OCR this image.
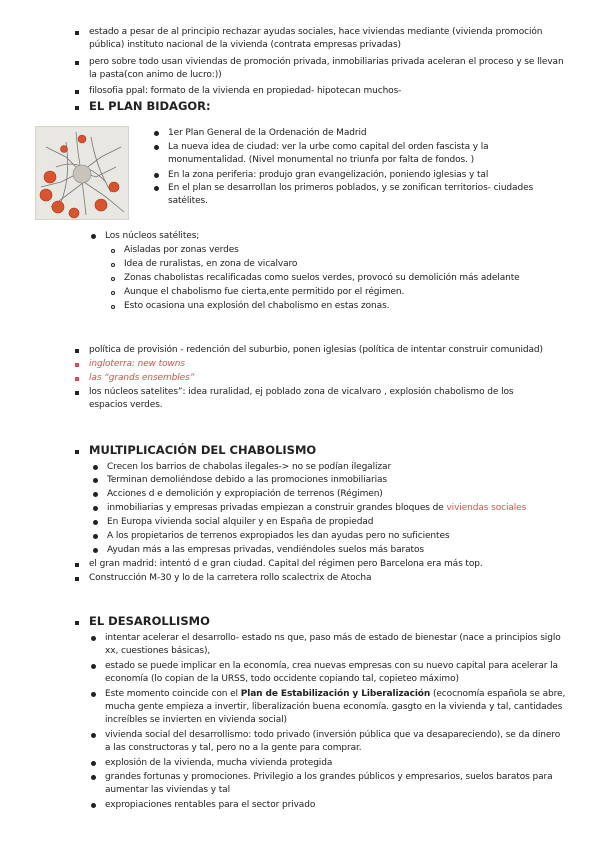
estado a pesar de al principio rechazar ayudas sociales, hace viviendas mediante (vivienda promoción pública) instituto nacional de la vivienda (contrata empresas privadas)
pero sobre todo usan viviendas de promoción privada, inmobiliarias privada aceleran el proceso y se llevan la pasta(con animo de lucro:))
filosofia ppal: formato de la vivienda en propiedad- hipotecan muchos-
EL PLAN BIDAGOR:
1er Plan General de la Ordenación de Madrid
La nueva idea de ciudad: ver la urbe como capital del orden fascista y la monumentalidad. (Nivel monumental no triunfa por falta de fondos. )
En la zona periferia: produjo gran evangelización, poniendo iglesias y tal
En el plan se desarrollan los primeros poblados, y se zonifican territorios- ciudades satélites.
Los núcleos satélites;
Aisladas por zonas verdes
Idea de ruralistas, en zona de vicalvaro
Zonas chabolistas recalificadas como suelos verdes, provocó su demolición más adelante
Aunque el chabolismo fue cierta,ente permitido por el régimen.
Esto ocasiona una explosión del chabolismo en estas zonas.
política de provisión - redención del suburbio, ponen iglesias (política de intentar construir comunidad)
ingloterra: new towns
las “grands ensembles”
los núcleos satelites”: idea ruralidad, ej poblado zona de vicalvaro , explosión chabolismo de los espacios verdes.
MULTIPLICACIÓN DEL CHABOLISMO
Crecen los barrios de chabolas ilegales-> no se podían ilegalizar
Terminan demoliéndose debido a las promociones inmobiliarias
Acciones d e demolición y expropiación de terrenos (Régimen)
inmobiliarias y empresas privadas empiezan a construir grandes bloques de viviendas sociales
En Europa vivienda social alquiler y en España de propiedad
A los propietarios de terrenos expropiados les dan ayudas pero no suficientes
Ayudan más a las empresas privadas, vendiéndoles suelos más baratos
el gran madrid: intentó d e gran ciudad. Capital del régimen pero Barcelona era más top.
Construcción M-30 y lo de la carretera rollo scalectrix de Atocha
EL DESAROLLISMO
intentar acelerar el desarrollo- estado ns que, paso más de estado de bienestar (nace a principios siglo xx, cuestiones básicas),
estado se puede implicar en la economía, crea nuevas empresas con su nuevo capital para acelerar la economía (lo copian de la URSS, todo occidente copiando tal, copieteo máximo)
Este momento coincide con el Plan de Estabilización y Liberalización (ecocnomía española se abre, mucha gente empieza a invertir, liberalización buena economía. gasgto en la vivienda y tal, cantidades increíbles se invierten en vivienda social)
vivienda social del desarrollismo: todo privado (inversión pública que va desapareciendo), se da dinero a las constructoras y tal, pero no a la gente para comprar.
explosión de la vivienda, mucha vivienda protegida
grandes fortunas y promociones. Privilegio a los grandes públicos y empresarios, suelos baratos para aumentar las viviendas y tal
expropiaciones rentables para el sector privado
